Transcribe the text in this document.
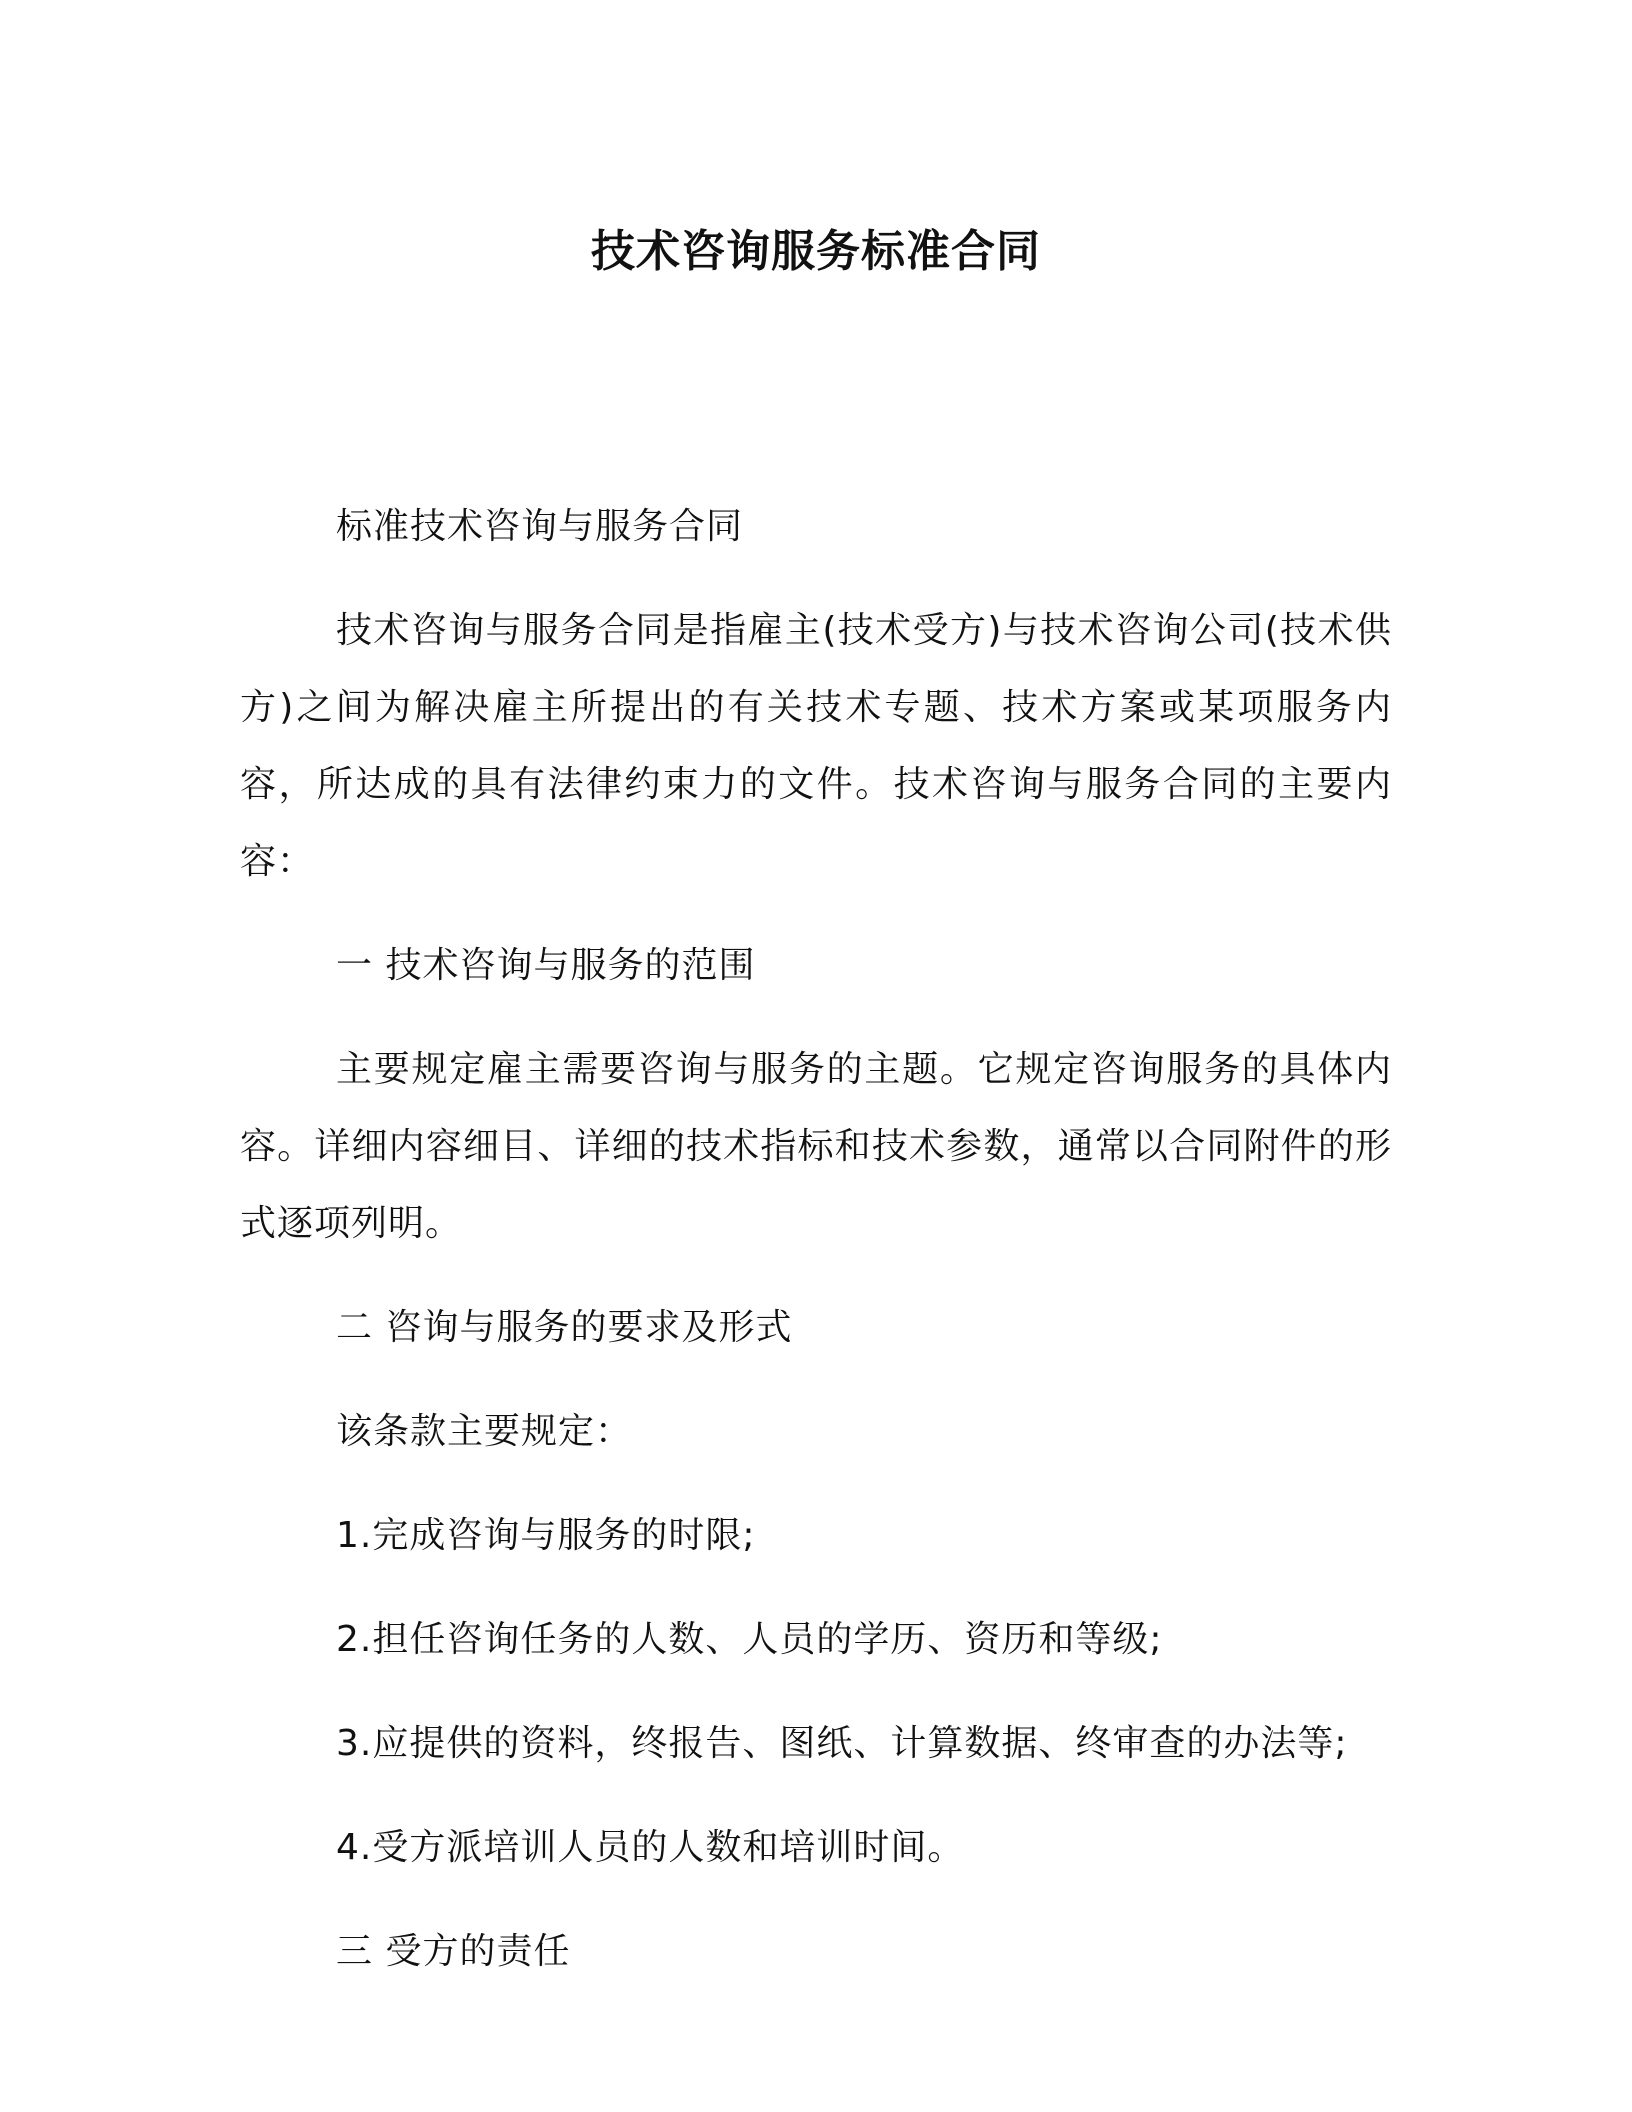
技术咨询服务标准合同

标准技术咨询与服务合同

技术咨询与服务合同是指雇主(技术受方)与技术咨询公司(技术供方)之间为解决雇主所提出的有关技术专题、技术方案或某项服务内容，所达成的具有法律约束力的文件。技术咨询与服务合同的主要内容：

一 技术咨询与服务的范围

主要规定雇主需要咨询与服务的主题。它规定咨询服务的具体内容。详细内容细目、详细的技术指标和技术参数，通常以合同附件的形式逐项列明。

二 咨询与服务的要求及形式

该条款主要规定：

1.完成咨询与服务的时限;

2.担任咨询任务的人数、人员的学历、资历和等级;

3.应提供的资料，终报告、图纸、计算数据、终审查的办法等;

4.受方派培训人员的人数和培训时间。

三 受方的责任
